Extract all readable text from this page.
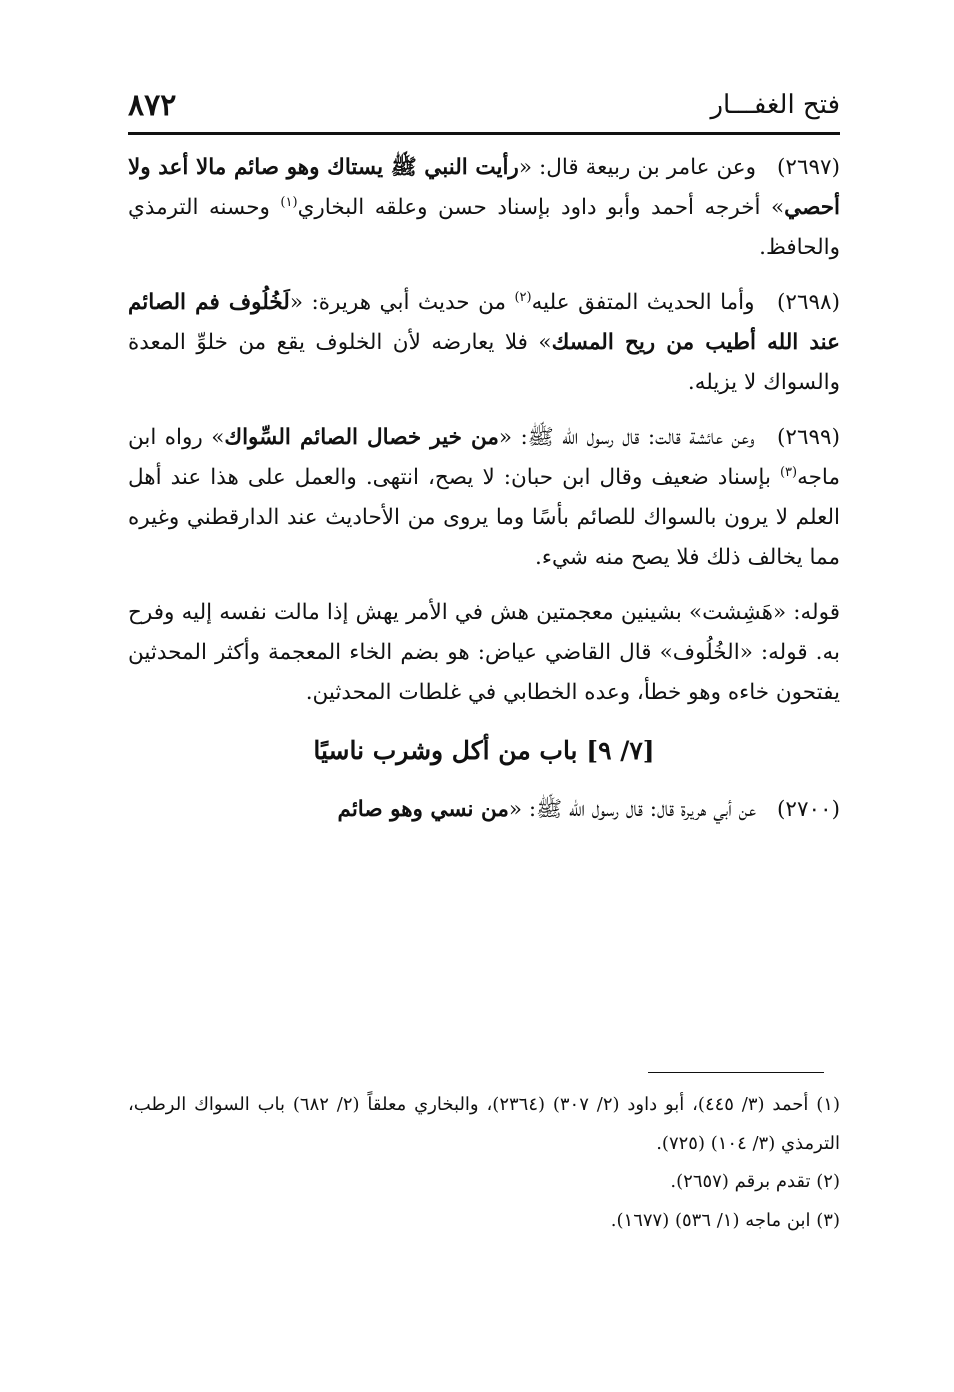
فتح الغفـــار
٨٧٢

(٢٦٩٧) وعن عامر بن ربيعة قال: «رأيت النبي ﷺ يستاك وهو صائم مالا أعد ولا أحصي» أخرجه أحمد وأبو داود بإسناد حسن وعلقه البخاري$^{(١)}$ وحسنه الترمذي والحافظ.

(٢٦٩٨) وأما الحديث المتفق عليه$^{(٢)}$ من حديث أبي هريرة: «لَخُلُوف فم الصائم عند الله أطيب من ريح المسك» فلا يعارضه لأن الخلوف يقع من خلوِّ المعدة والسواك لا يزيله.

(٢٦٩٩) وعن عائشة قالت: قال رسول الله ﷺ: «من خير خصال الصائم السِّواك» رواه ابن ماجه$^{(٣)}$ بإسناد ضعيف وقال ابن حبان: لا يصح، انتهى. والعمل على هذا عند أهل العلم لا يرون بالسواك للصائم بأسًا وما يروى من الأحاديث عند الدارقطني وغيره مما يخالف ذلك فلا يصح منه شيء.

قوله: «هَشِشت» بشينين معجمتين هش في الأمر يهش إذا مالت نفسه إليه وفرح به. قوله: «الخُلُوف» قال القاضي عياض: هو بضم الخاء المعجمة وأكثر المحدثين يفتحون خاءه وهو خطأ، وعده الخطابي في غلطات المحدثين.

[٧/ ٩] باب من أكل وشرب ناسيًا

(٢٧٠٠) عن أبي هريرة قال: قال رسول الله ﷺ: «من نسي وهو صائم

(١) أحمد (٣/ ٤٤٥)، أبو داود (٢/ ٣٠٧) (٢٣٦٤)، والبخاري معلقاً (٢/ ٦٨٢) باب السواك الرطب، الترمذي (٣/ ١٠٤) (٧٢٥).

(٢) تقدم برقم (٢٦٥٧).

(٣) ابن ماجه (١/ ٥٣٦) (١٦٧٧).
